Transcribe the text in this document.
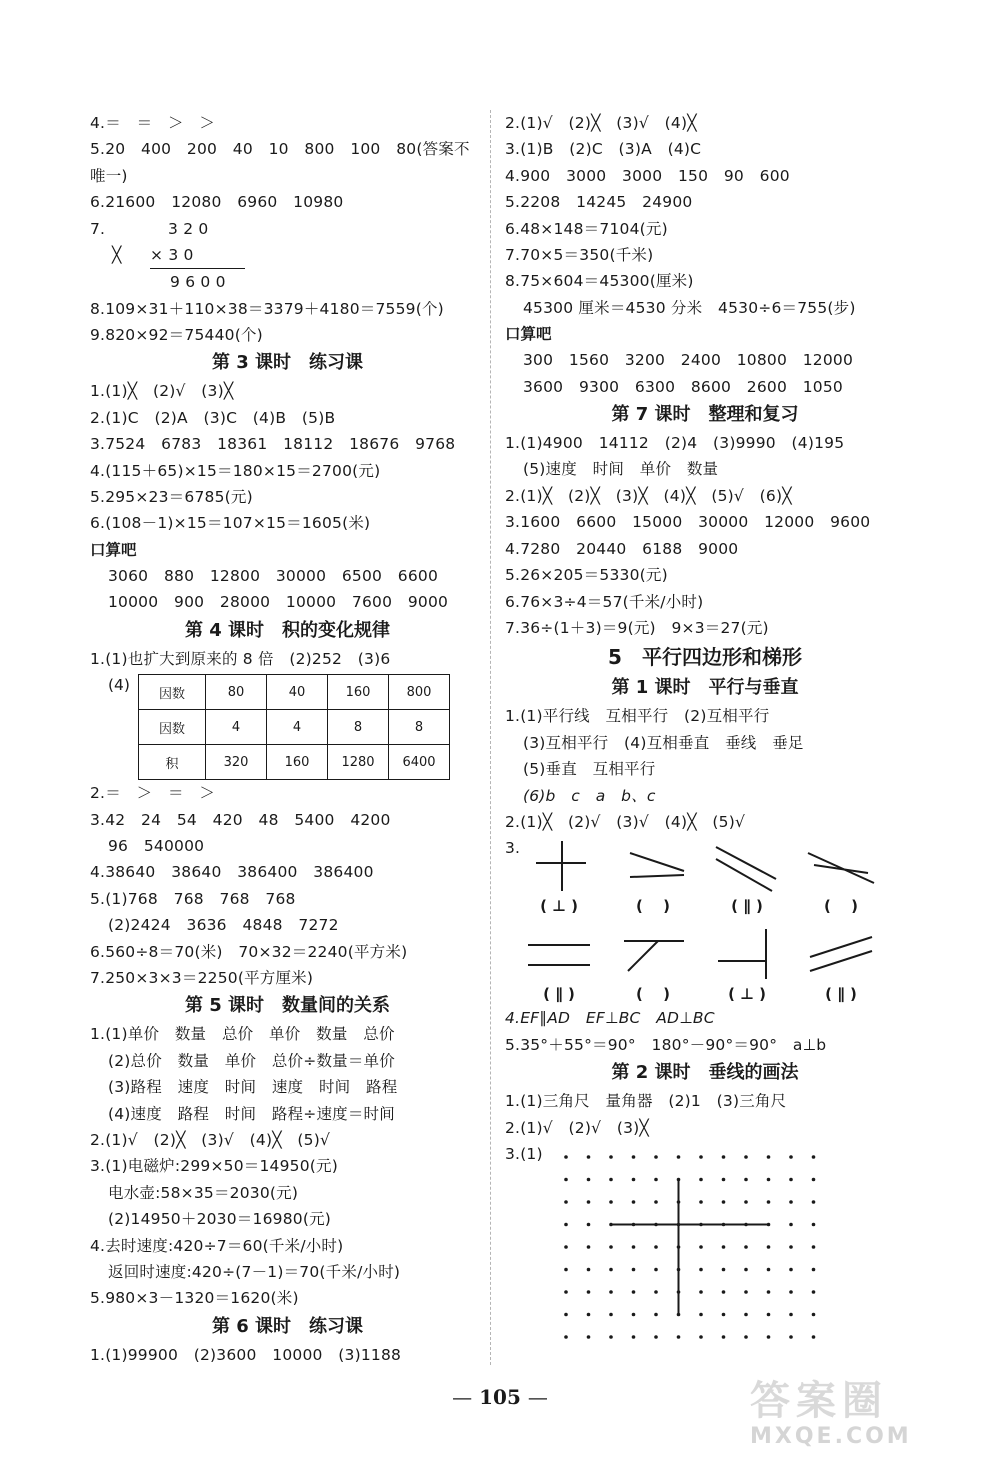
4.＝　＝　＞　＞
5.20　400　200　40　10　800　100　80(答案不
唯一)
6.21600　12080　6960　10980
7.	3 2 0
╳ × 3 0
9 6 0 0
8.109×31＋110×38＝3379＋4180＝7559(个)
9.820×92＝75440(个)
第 3 课时　练习课
1.(1)╳　(2)√　(3)╳
2.(1)C　(2)A　(3)C　(4)B　(5)B
3.7524　6783　18361　18112　18676　9768
4.(115＋65)×15＝180×15＝2700(元)
5.295×23＝6785(元)
6.(108－1)×15＝107×15＝1605(米)
口算吧
3060　880　12800　30000　6500　6600
10000　900　28000　10000　7600　9000
第 4 课时　积的变化规律
1.(1)也扩大到原来的 8 倍　(2)252　(3)6
(4)	因数	80	40	160	800
因数	4	4	8	8
积	320	160	1280	6400
2.＝　＞　＝　＞
3.42　24　54　420　48　5400　4200
96　540000
4.38640　38640　386400　386400
5.(1)768　768　768　768
(2)2424　3636　4848　7272
6.560÷8＝70(米)　70×32＝2240(平方米)
7.250×3×3＝2250(平方厘米)
第 5 课时　数量间的关系
1.(1)单价　数量　总价　单价　数量　总价
(2)总价　数量　单价　总价÷数量＝单价
(3)路程　速度　时间　速度　时间　路程
(4)速度　路程　时间　路程÷速度＝时间
2.(1)√　(2)╳　(3)√　(4)╳　(5)√
3.(1)电磁炉:299×50＝14950(元)
电水壶:58×35＝2030(元)
(2)14950＋2030＝16980(元)
4.去时速度:420÷7＝60(千米/小时)
返回时速度:420÷(7－1)＝70(千米/小时)
5.980×3－1320＝1620(米)
第 6 课时　练习课
1.(1)99900　(2)3600　10000　(3)1188
2.(1)√　(2)╳　(3)√　(4)╳
3.(1)B　(2)C　(3)A　(4)C
4.900　3000　3000　150　90　600
5.2208　14245　24900
6.48×148＝7104(元)
7.70×5＝350(千米)
8.75×604＝45300(厘米)
45300 厘米＝4530 分米　4530÷6＝755(步)
口算吧
300　1560　3200　2400　10800　12000
3600　9300　6300　8600　2600　1050
第 7 课时　整理和复习
1.(1)4900　14112　(2)4　(3)9990　(4)195
(5)速度　时间　单价　数量
2.(1)╳　(2)╳　(3)╳　(4)╳　(5)√　(6)╳
3.1600　6600　15000　30000　12000　9600
4.7280　20440　6188　9000
5.26×205＝5330(元)
6.76×3÷4＝57(千米/小时)
7.36÷(1＋3)＝9(元)　9×3＝27(元)
5　平行四边形和梯形
第 1 课时　平行与垂直
1.(1)平行线　互相平行　(2)互相平行
(3)互相平行　(4)互相垂直　垂线　垂足
(5)垂直　互相平行
(6)b　c　a　b、c
2.(1)╳　(2)√　(3)√　(4)╳　(5)√
3.
( ⊥ )	(　 )	( ∥ )	(　 )
( ∥ )	(　 )	( ⊥ )	( ∥ )
4.EF∥AD　EF⊥BC　AD⊥BC
5.35°＋55°＝90°　180°－90°＝90°　a⊥b
第 2 课时　垂线的画法
1.(1)三角尺　量角器　(2)1　(3)三角尺
2.(1)√　(2)√　(3)╳
3.(1)
— 105 —	答案圈
MXQE.COM
